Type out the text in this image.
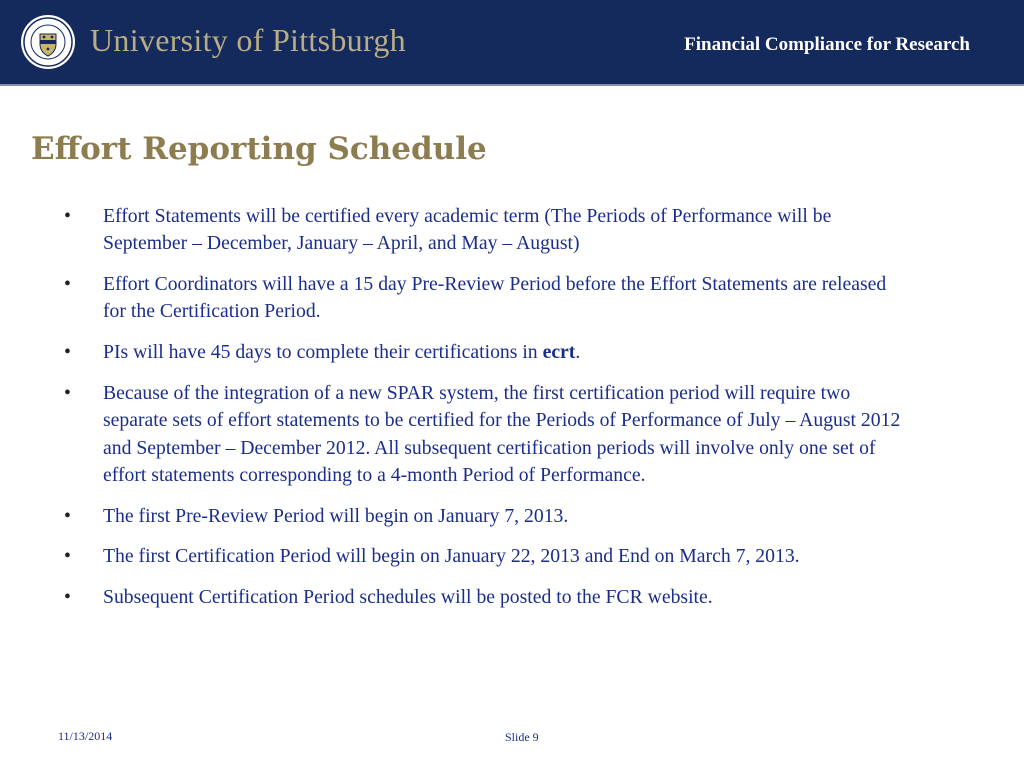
University of Pittsburgh	Financial Compliance for Research
Effort Reporting Schedule
• Effort Statements will be certified every academic term (The Periods of Performance will be September – December, January – April, and May – August)
• Effort Coordinators will have a 15 day Pre-Review Period before the Effort Statements are released for the Certification Period.
• PIs will have 45 days to complete their certifications in ecrt.
• Because of the integration of a new SPAR system, the first certification period will require two separate sets of effort statements to be certified for the Periods of Performance of July – August 2012 and September – December 2012. All subsequent certification periods will involve only one set of effort statements corresponding to a 4-month Period of Performance.
• The first Pre-Review Period will begin on January 7, 2013.
• The first Certification Period will begin on January 22, 2013 and End on March 7, 2013.
• Subsequent Certification Period schedules will be posted to the FCR website.
11/13/2014	Slide 9
